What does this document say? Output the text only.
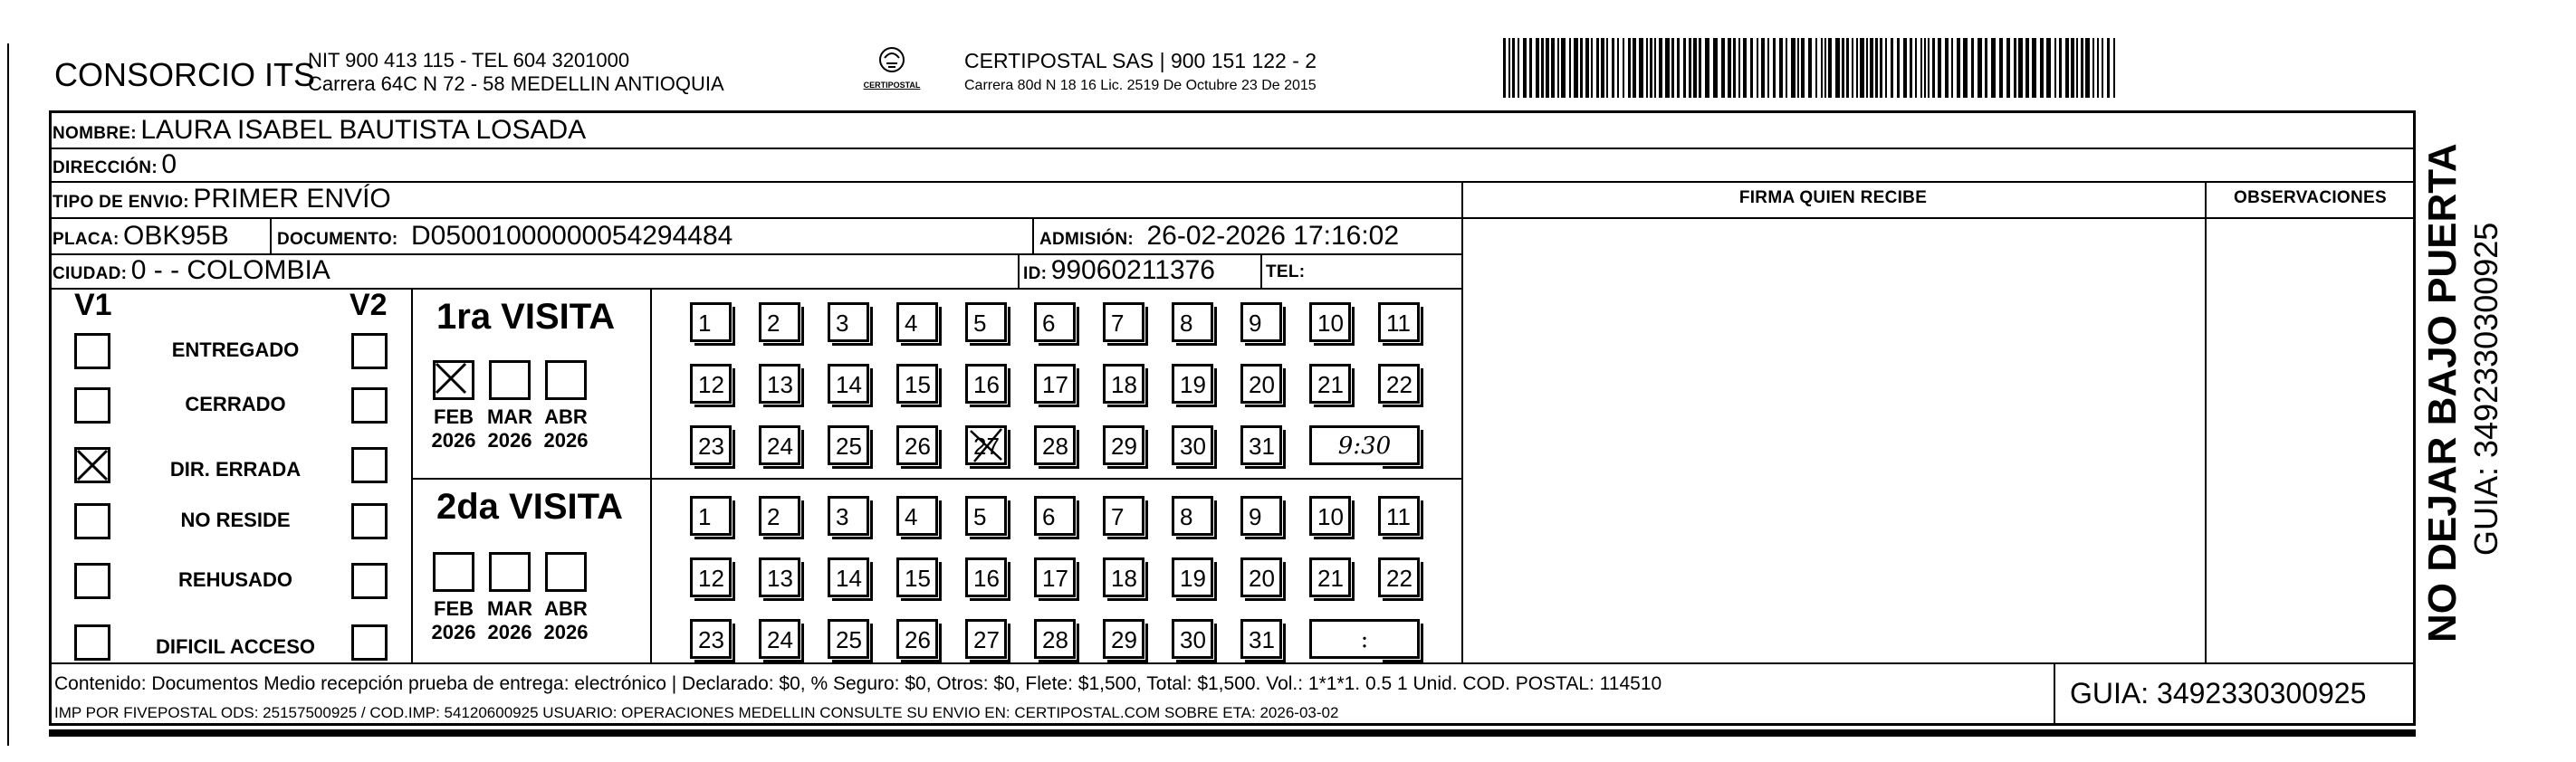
CONSORCIO ITS
NIT 900 413 115 - TEL 604 3201000
Carrera 64C N 72 - 58 MEDELLIN ANTIOQUIA	CERTIPOSTAL
CERTIPOSTAL SAS | 900 151 122 - 2
Carrera 80d N 18 16 Lic. 2519 De Octubre 23 De 2015
NOMBRE: LAURA ISABEL BAUTISTA LOSADA
DIRECCIÓN: 0
TIPO DE ENVIO: PRIMER ENVÍO	FIRMA QUIEN RECIBE	OBSERVACIONES
PLACA: OBK95B	DOCUMENTO: D05001000000054294484	ADMISIÓN: 26-02-2026 17:16:02
CIUDAD: 0 - - COLOMBIA	ID: 99060211376	TEL:
V1	V2
ENTREGADO
CERRADO
DIR. ERRADA
NO RESIDE
REHUSADO
DIFICIL ACCESO
1ra VISITA
FEB
2026
MAR
2026
ABR
2026
1	2	3	4	5	6	7	8	9	10	11
12	13	14	15	16	17	18	19	20	21	22
23	24	25	26	27	28	29	30	31	9:30
2da VISITA
FEB
2026
MAR
2026
ABR
2026
1	2	3	4	5	6	7	8	9	10	11
12	13	14	15	16	17	18	19	20	21	22
23	24	25	26	27	28	29	30	31	:
Contenido: Documentos Medio recepción prueba de entrega: electrónico | Declarado: $0, % Seguro: $0, Otros: $0, Flete: $1,500, Total: $1,500. Vol.: 1*1*1. 0.5 1 Unid. COD. POSTAL: 114510
IMP POR FIVEPOSTAL ODS: 25157500925 / COD.IMP: 54120600925 USUARIO: OPERACIONES MEDELLIN CONSULTE SU ENVIO EN: CERTIPOSTAL.COM SOBRE ETA: 2026-03-02
GUIA: 3492330300925
NO DEJAR BAJO PUERTA GUIA: 3492330300925
